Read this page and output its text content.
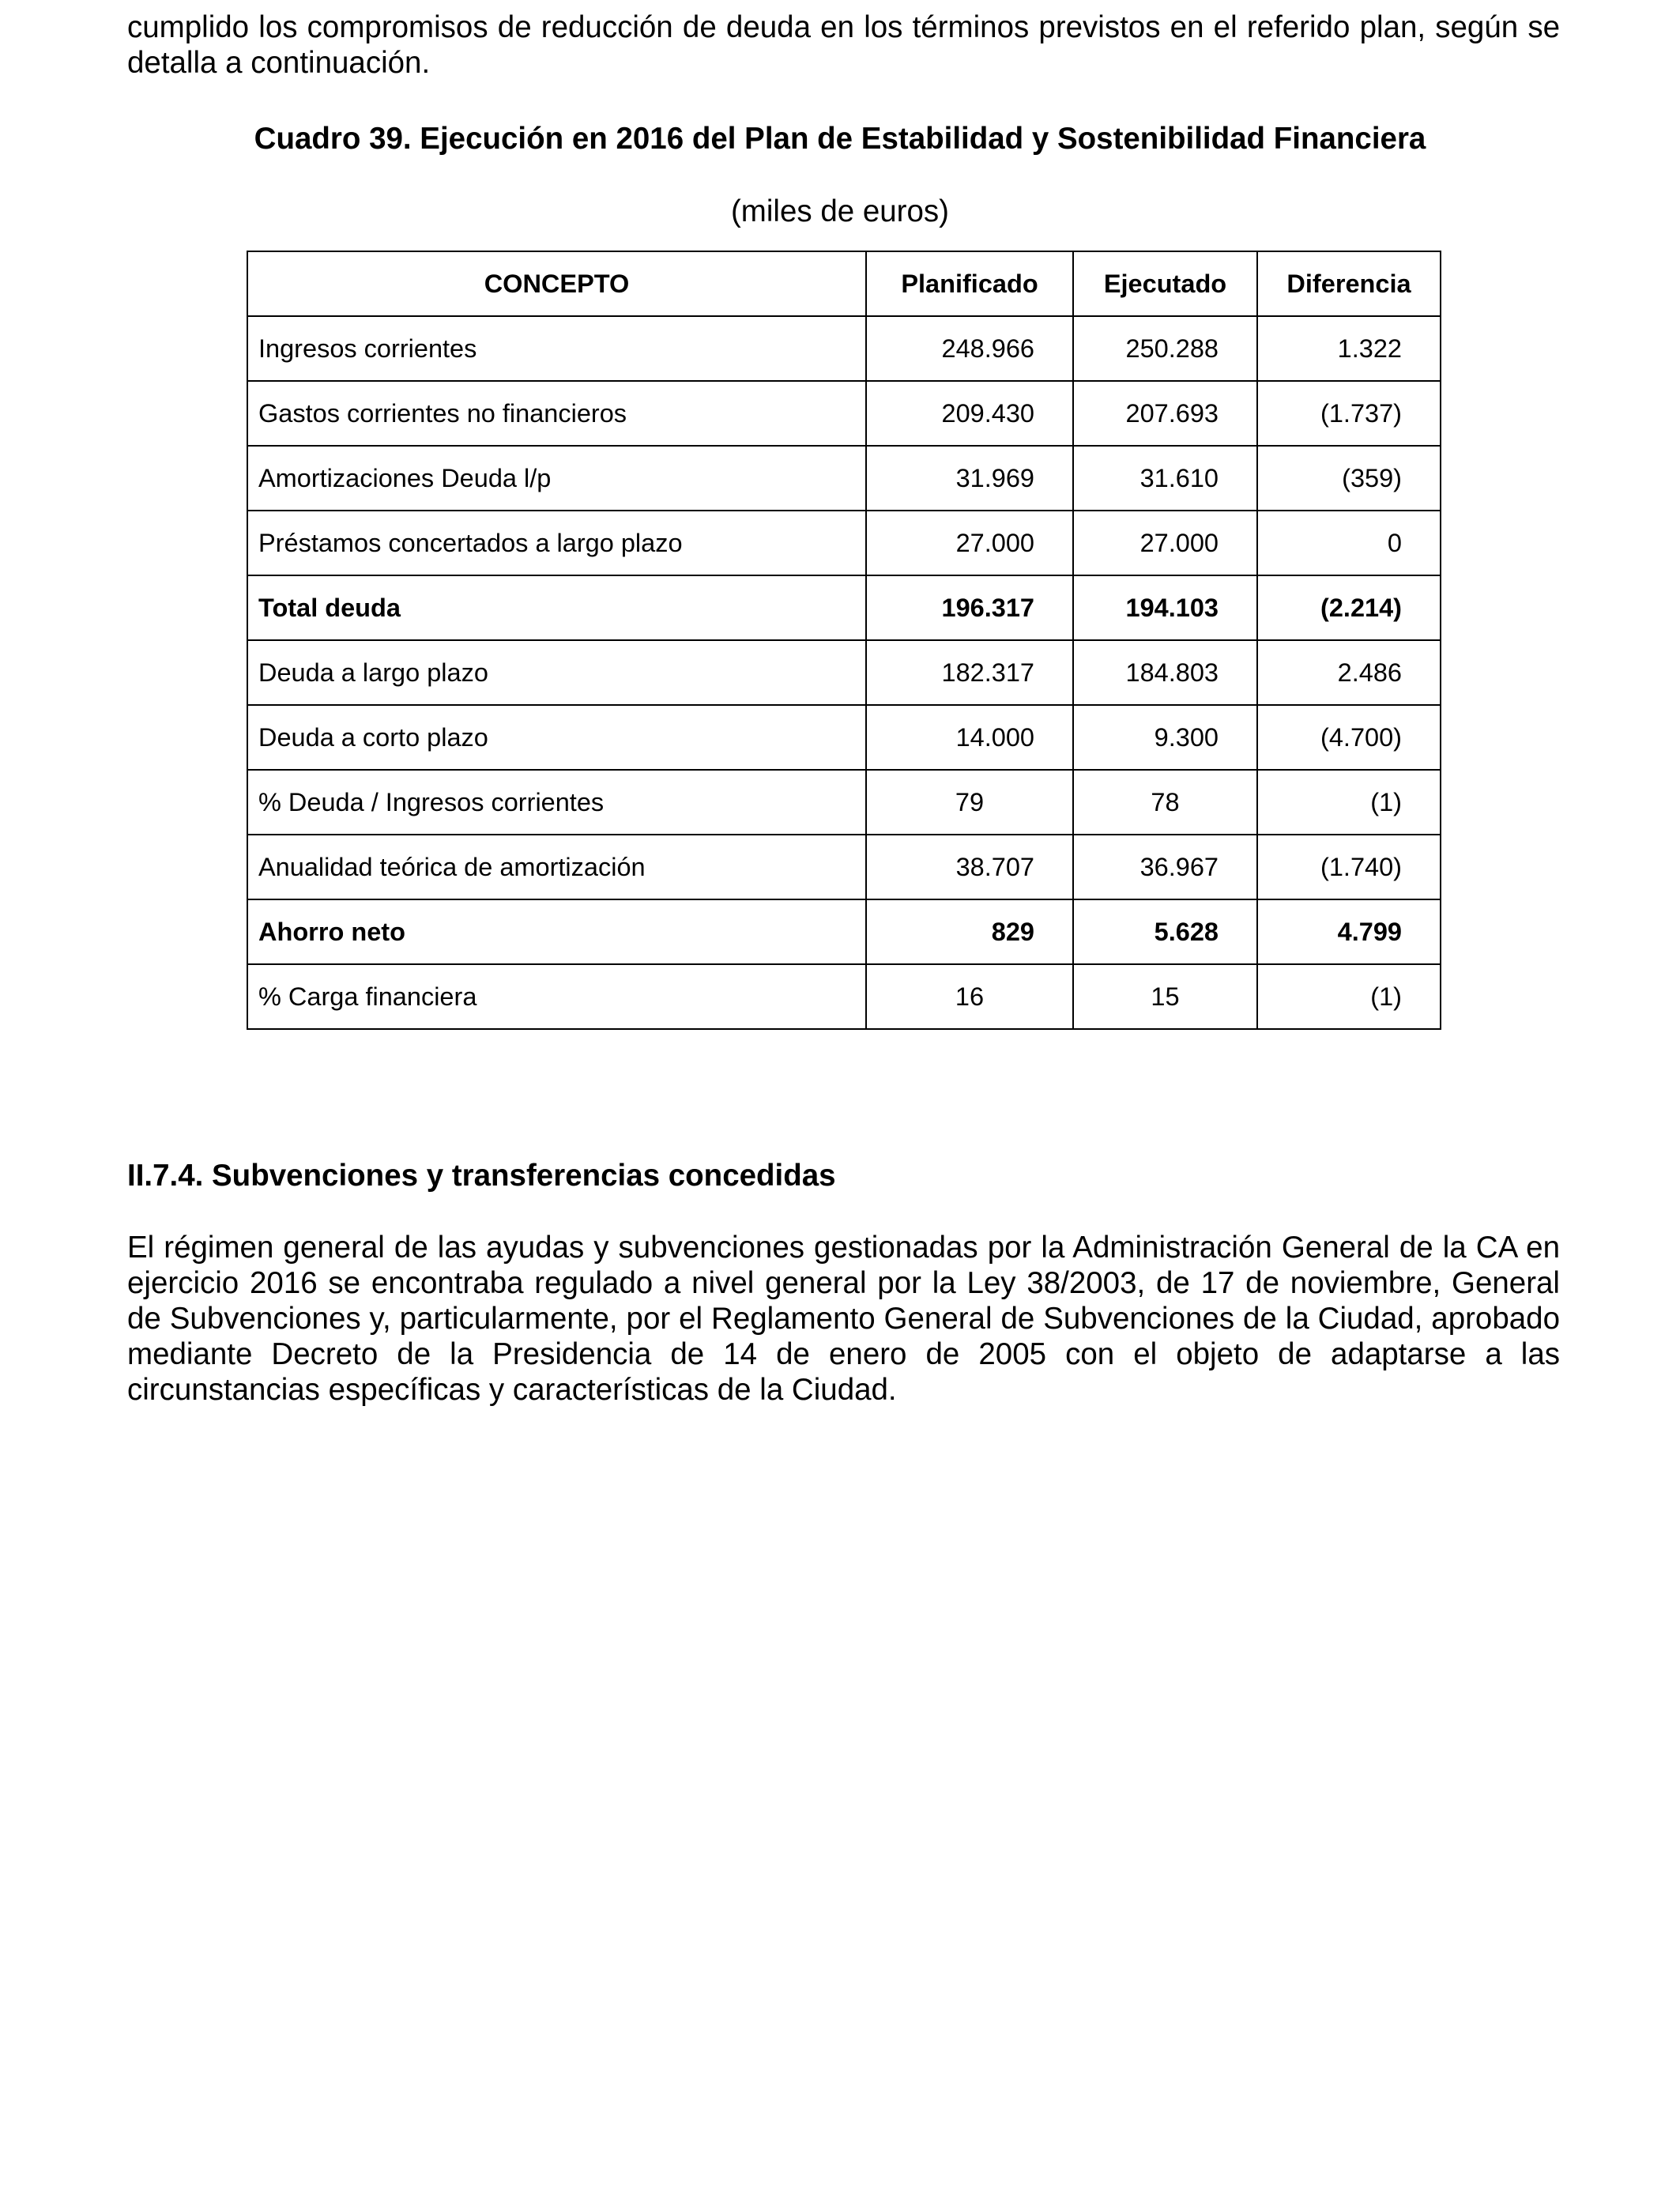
cumplido los compromisos de reducción de deuda en los términos previstos en el referido plan, según se detalla a continuación.

Cuadro 39. Ejecución en 2016 del Plan de Estabilidad y Sostenibilidad Financiera

(miles de euros)

CONCEPTO	Planificado	Ejecutado	Diferencia
Ingresos corrientes	248.966	250.288	1.322
Gastos corrientes no financieros	209.430	207.693	(1.737)
Amortizaciones Deuda l/p	31.969	31.610	(359)
Préstamos concertados a largo plazo	27.000	27.000	0
Total deuda	196.317	194.103	(2.214)
Deuda a largo plazo	182.317	184.803	2.486
Deuda a corto plazo	14.000	9.300	(4.700)
% Deuda / Ingresos corrientes	79	78	(1)
Anualidad teórica de amortización	38.707	36.967	(1.740)
Ahorro neto	829	5.628	4.799
% Carga financiera	16	15	(1)
II.7.4. Subvenciones y transferencias concedidas

El régimen general de las ayudas y subvenciones gestionadas por la Administración General de la CA en ejercicio 2016 se encontraba regulado a nivel general por la Ley 38/2003, de 17 de noviembre, General de Subvenciones y, particularmente, por el Reglamento General de Subvenciones de la Ciudad, aprobado mediante Decreto de la Presidencia de 14 de enero de 2005 con el objeto de adaptarse a las circunstancias específicas y características de la Ciudad.
